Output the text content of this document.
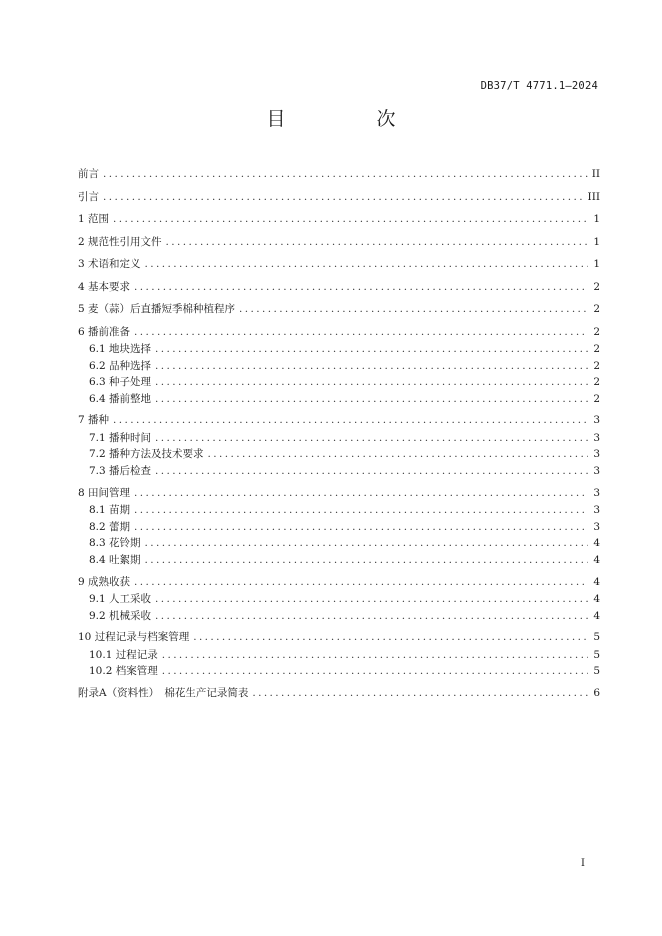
DB37/T 4771.1—2024
目　次
前言 .....	II
引言 .....	III
1 范围 .....	1
2 规范性引用文件 .....	1
3 术语和定义 .....	1
4 基本要求 .....	2
5 麦（蒜）后直播短季棉种植程序 .....	2
6 播前准备 .....	2
6.1 地块选择 .....	2
6.2 品种选择 .....	2
6.3 种子处理 .....	2
6.4 播前整地 .....	2
7 播种 .....	3
7.1 播种时间 .....	3
7.2 播种方法及技术要求 .....	3
7.3 播后检查 .....	3
8 田间管理 .....	3
8.1 苗期 .....	3
8.2 蕾期 .....	3
8.3 花铃期 .....	4
8.4 吐絮期 .....	4
9 成熟收获 .....	4
9.1 人工采收 .....	4
9.2 机械采收 .....	4
10 过程记录与档案管理 .....	5
10.1 过程记录 .....	5
10.2 档案管理 .....	5
附录A（资料性）　棉花生产记录简表 .....	6
I
